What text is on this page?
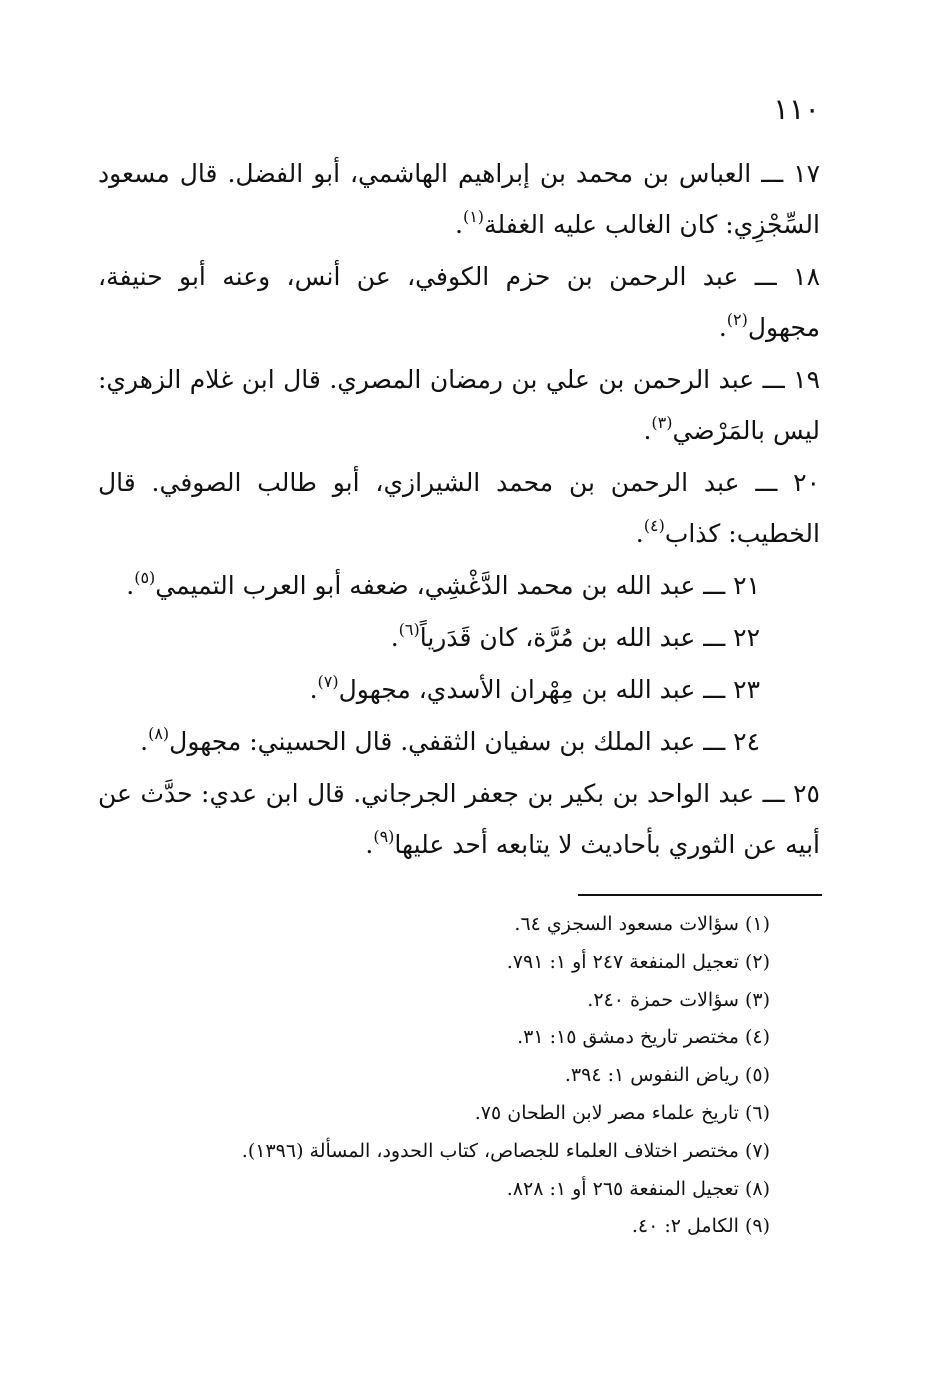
١١٠

١٧ ـــ العباس بن محمد بن إبراهيم الهاشمي، أبو الفضل. قال مسعود السِّجْزِي: كان الغالب عليه الغفلة$^{(١)}$.

١٨ ـــ عبد الرحمن بن حزم الكوفي، عن أنس، وعنه أبو حنيفة، مجهول$^{(٢)}$.

١٩ ـــ عبد الرحمن بن علي بن رمضان المصري. قال ابن غلام الزهري: ليس بالمَرْضي$^{(٣)}$.

٢٠ ـــ عبد الرحمن بن محمد الشيرازي، أبو طالب الصوفي. قال الخطيب: كذاب$^{(٤)}$.

٢١ ـــ عبد الله بن محمد الدَّغْشِي، ضعفه أبو العرب التميمي$^{(٥)}$.

٢٢ ـــ عبد الله بن مُرَّة، كان قَدَرياً$^{(٦)}$.

٢٣ ـــ عبد الله بن مِهْران الأسدي، مجهول$^{(٧)}$.

٢٤ ـــ عبد الملك بن سفيان الثقفي. قال الحسيني: مجهول$^{(٨)}$.

٢٥ ـــ عبد الواحد بن بكير بن جعفر الجرجاني. قال ابن عدي: حدَّث عن أبيه عن الثوري بأحاديث لا يتابعه أحد عليها$^{(٩)}$.

(١)سؤالات مسعود السجزي ٦٤.
(٢)تعجيل المنفعة ٢٤٧ أو ١: ٧٩١.
(٣)سؤالات حمزة ٢٤٠.
(٤)مختصر تاريخ دمشق ١٥: ٣١.
(٥)رياض النفوس ١: ٣٩٤.
(٦)تاريخ علماء مصر لابن الطحان ٧٥.
(٧)مختصر اختلاف العلماء للجصاص، كتاب الحدود، المسألة (١٣٩٦).
(٨)تعجيل المنفعة ٢٦٥ أو ١: ٨٢٨.
(٩)الكامل ٢: ٤٠.
